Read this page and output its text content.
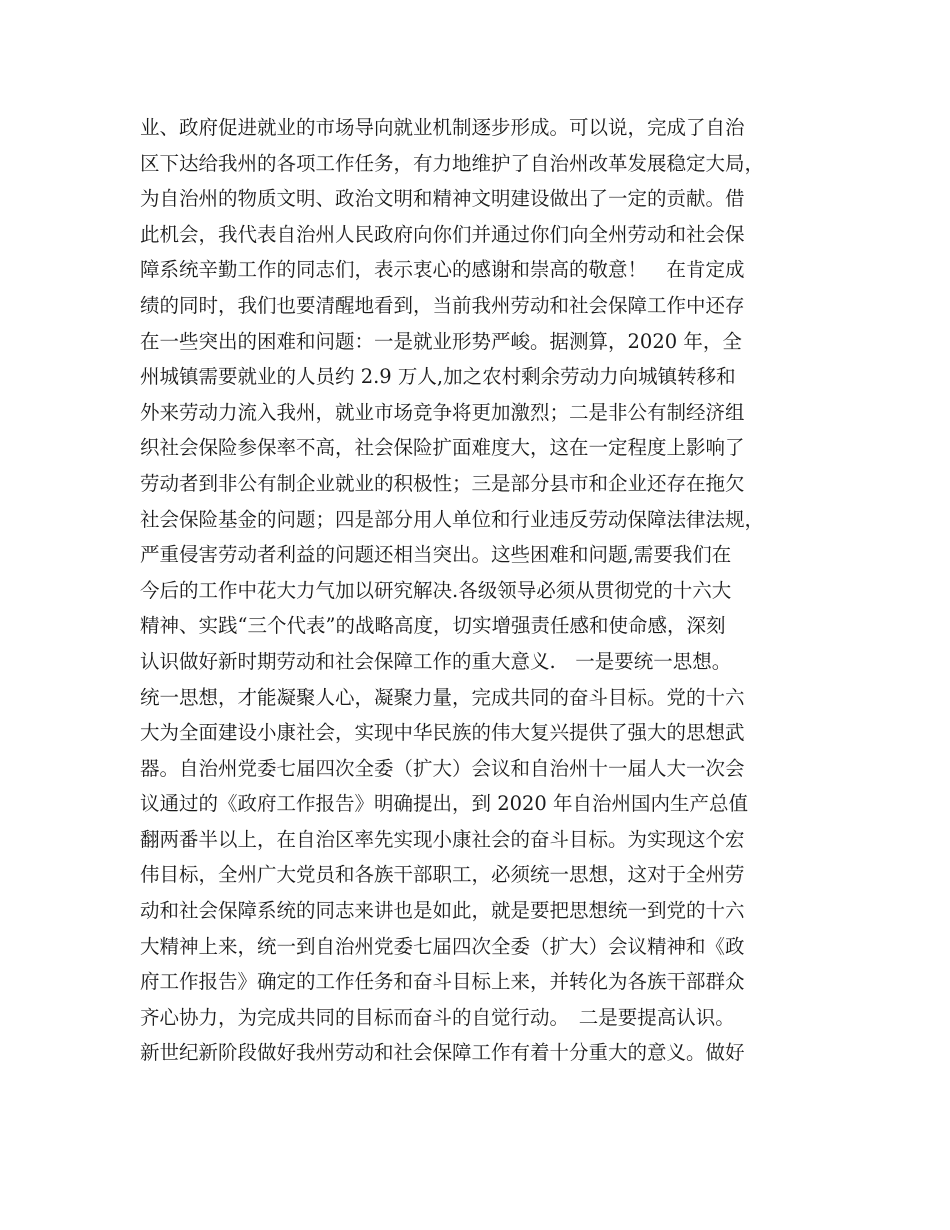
业、政府促进就业的市场导向就业机制逐步形成。可以说，完成了自治
区下达给我州的各项工作任务，有力地维护了自治州改革发展稳定大局，
为自治州的物质文明、政治文明和精神文明建设做出了一定的贡献。借
此机会，我代表自治州人民政府向你们并通过你们向全州劳动和社会保
障系统辛勤工作的同志们，表示衷心的感谢和崇高的敬意！　在肯定成
绩的同时，我们也要清醒地看到，当前我州劳动和社会保障工作中还存
在一些突出的困难和问题：一是就业形势严峻。据测算，2020 年，全
州城镇需要就业的人员约 2.9 万人,加之农村剩余劳动力向城镇转移和
外来劳动力流入我州，就业市场竞争将更加激烈；二是非公有制经济组
织社会保险参保率不高，社会保险扩面难度大，这在一定程度上影响了
劳动者到非公有制企业就业的积极性；三是部分县市和企业还存在拖欠
社会保险基金的问题；四是部分用人单位和行业违反劳动保障法律法规，
严重侵害劳动者利益的问题还相当突出。这些困难和问题,需要我们在
今后的工作中花大力气加以研究解决.各级领导必须从贯彻党的十六大
精神、实践“三个代表”的战略高度，切实增强责任感和使命感，深刻
认识做好新时期劳动和社会保障工作的重大意义.　一是要统一思想。
统一思想，才能凝聚人心，凝聚力量，完成共同的奋斗目标。党的十六
大为全面建设小康社会，实现中华民族的伟大复兴提供了强大的思想武
器。自治州党委七届四次全委（扩大）会议和自治州十一届人大一次会
议通过的《政府工作报告》明确提出，到 2020 年自治州国内生产总值
翻两番半以上，在自治区率先实现小康社会的奋斗目标。为实现这个宏
伟目标，全州广大党员和各族干部职工，必须统一思想，这对于全州劳
动和社会保障系统的同志来讲也是如此，就是要把思想统一到党的十六
大精神上来，统一到自治州党委七届四次全委（扩大）会议精神和《政
府工作报告》确定的工作任务和奋斗目标上来，并转化为各族干部群众
齐心协力，为完成共同的目标而奋斗的自觉行动。　二是要提高认识。
新世纪新阶段做好我州劳动和社会保障工作有着十分重大的意义。做好
